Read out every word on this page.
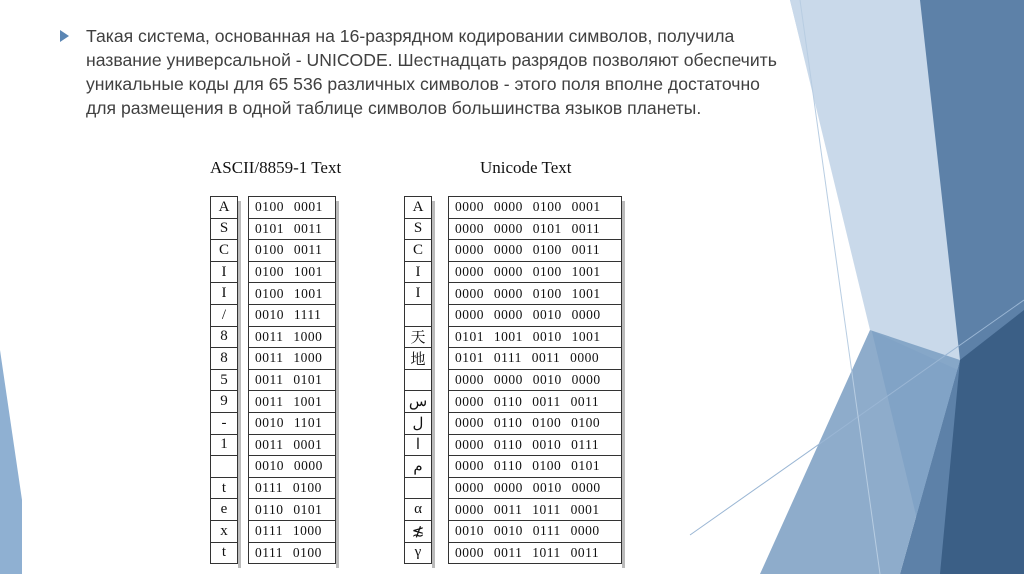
Такая система, основанная на 16-разрядном кодировании символов, получила название универсальной - UNICODE. Шестнадцать разрядов позволяют обеспечить уникальные коды для 65 536 различных символов - этого поля вполне достаточно для размещения в одной таблице символов большинства языков планеты.

ASCII/8859-1 Text	Unicode Text
A
S
C
I
I
/
8
8
5
9
-
1
t
e
x
t
0100 0001
0101 0011
0100 0011
0100 1001
0100 1001
0010 1111
0011 1000
0011 1000
0011 0101
0011 1001
0010 1101
0011 0001
0010 0000
0111 0100
0110 0101
0111 1000
0111 0100
A
S
C
I
I
天
地
س
ل
ا
م
α
≴
γ
0000 0000 0100 0001
0000 0000 0101 0011
0000 0000 0100 0011
0000 0000 0100 1001
0000 0000 0100 1001
0000 0000 0010 0000
0101 1001 0010 1001
0101 0111 0011 0000
0000 0000 0010 0000
0000 0110 0011 0011
0000 0110 0100 0100
0000 0110 0010 0111
0000 0110 0100 0101
0000 0000 0010 0000
0000 0011 1011 0001
0010 0010 0111 0000
0000 0011 1011 0011
